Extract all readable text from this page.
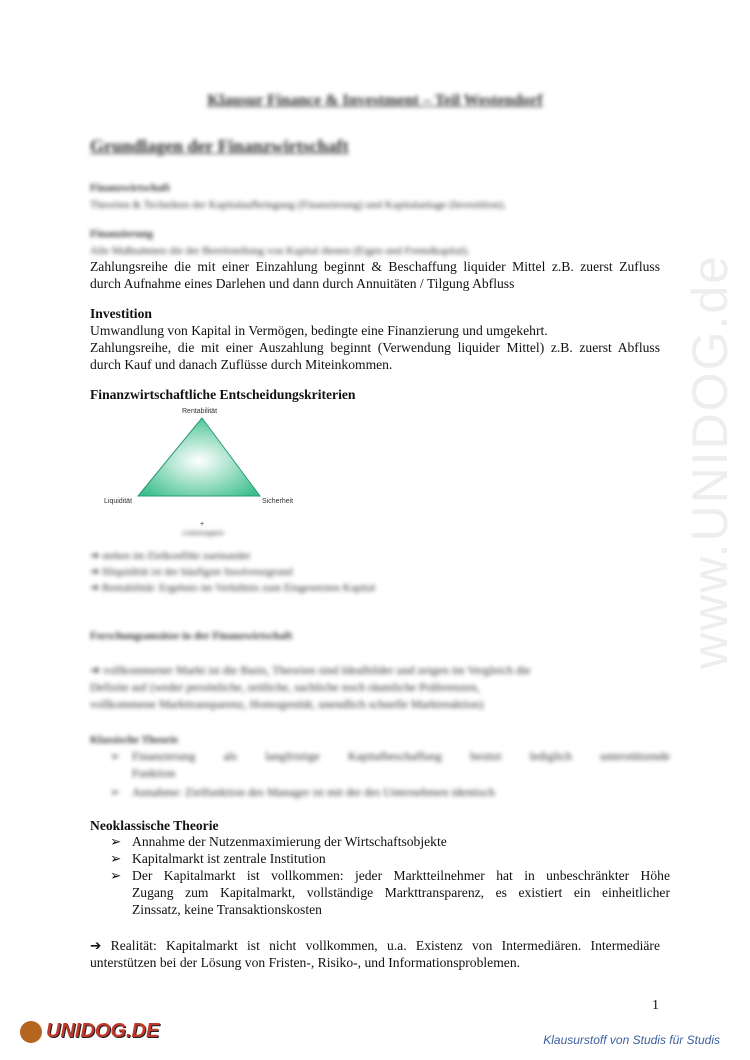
www.UNIDOG.de
Klausur Finance & Investment – Teil Westendorf
Grundlagen der Finanzwirtschaft
Finanzwirtschaft
Theorien & Techniken der Kapitalaufbringung (Finanzierung) und Kapitalanlage (Investition).
Finanzierung
Alle Maßnahmen die der Bereitstellung von Kapital dienen (Eigen und Fremdkapital).
Zahlungsreihe die mit einer Einzahlung beginnt & Beschaffung liquider Mittel z.B. zuerst Zufluss
durch Aufnahme eines Darlehen und dann durch Annuitäten / Tilgung Abfluss
Investition
Umwandlung von Kapital in Vermögen, bedingte eine Finanzierung und umgekehrt.
Zahlungsreihe, die mit einer Auszahlung beginnt (Verwendung liquider Mittel) z.B. zuerst Abfluss
durch Kauf und danach Zuflüsse durch Miteinkommen.
Finanzwirtschaftliche Entscheidungskriterien
Rentabilität
Liquidität	Sicherheit
+
Unabhängigkeit
➔ stehen im Zielkonflikt zueinander
➔ Illiquidität ist der häufigste Insolvenzgrund
➔ Rentabilität: Ergebnis im Verhältnis zum Eingesetzten Kapital
Forschungsansätze in der Finanzwirtschaft
➔ vollkommener Markt ist die Basis, Theorien sind Idealbilder und zeigen im Vergleich die
Defizite auf (weder persönliche, zeitliche, sachliche noch räumliche Präferenzen,
vollkommene Markttransparenz, Homogenität, unendlich schnelle Marktreaktion)
Klassische Theorie
➢ Finanzierung als langfristige Kapitalbeschaffung besitzt lediglich unterstützende
Funktion
➢ Annahme: Zielfunktion des Manager ist mit der des Unternehmen identisch
Neoklassische Theorie
➢ Annahme der Nutzenmaximierung der Wirtschaftsobjekte
➢ Kapitalmarkt ist zentrale Institution
➢ Der Kapitalmarkt ist vollkommen: jeder Marktteilnehmer hat in unbeschränkter Höhe
Zugang zum Kapitalmarkt, vollständige Markttransparenz, es existiert ein einheitlicher
Zinssatz, keine Transaktionskosten
➔ Realität: Kapitalmarkt ist nicht vollkommen, u.a. Existenz von Intermediären. Intermediäre
unterstützen bei der Lösung von Fristen-, Risiko-, und Informationsproblemen.
1
UNIDOG.DE	Klausurstoff von Studis für Studis
